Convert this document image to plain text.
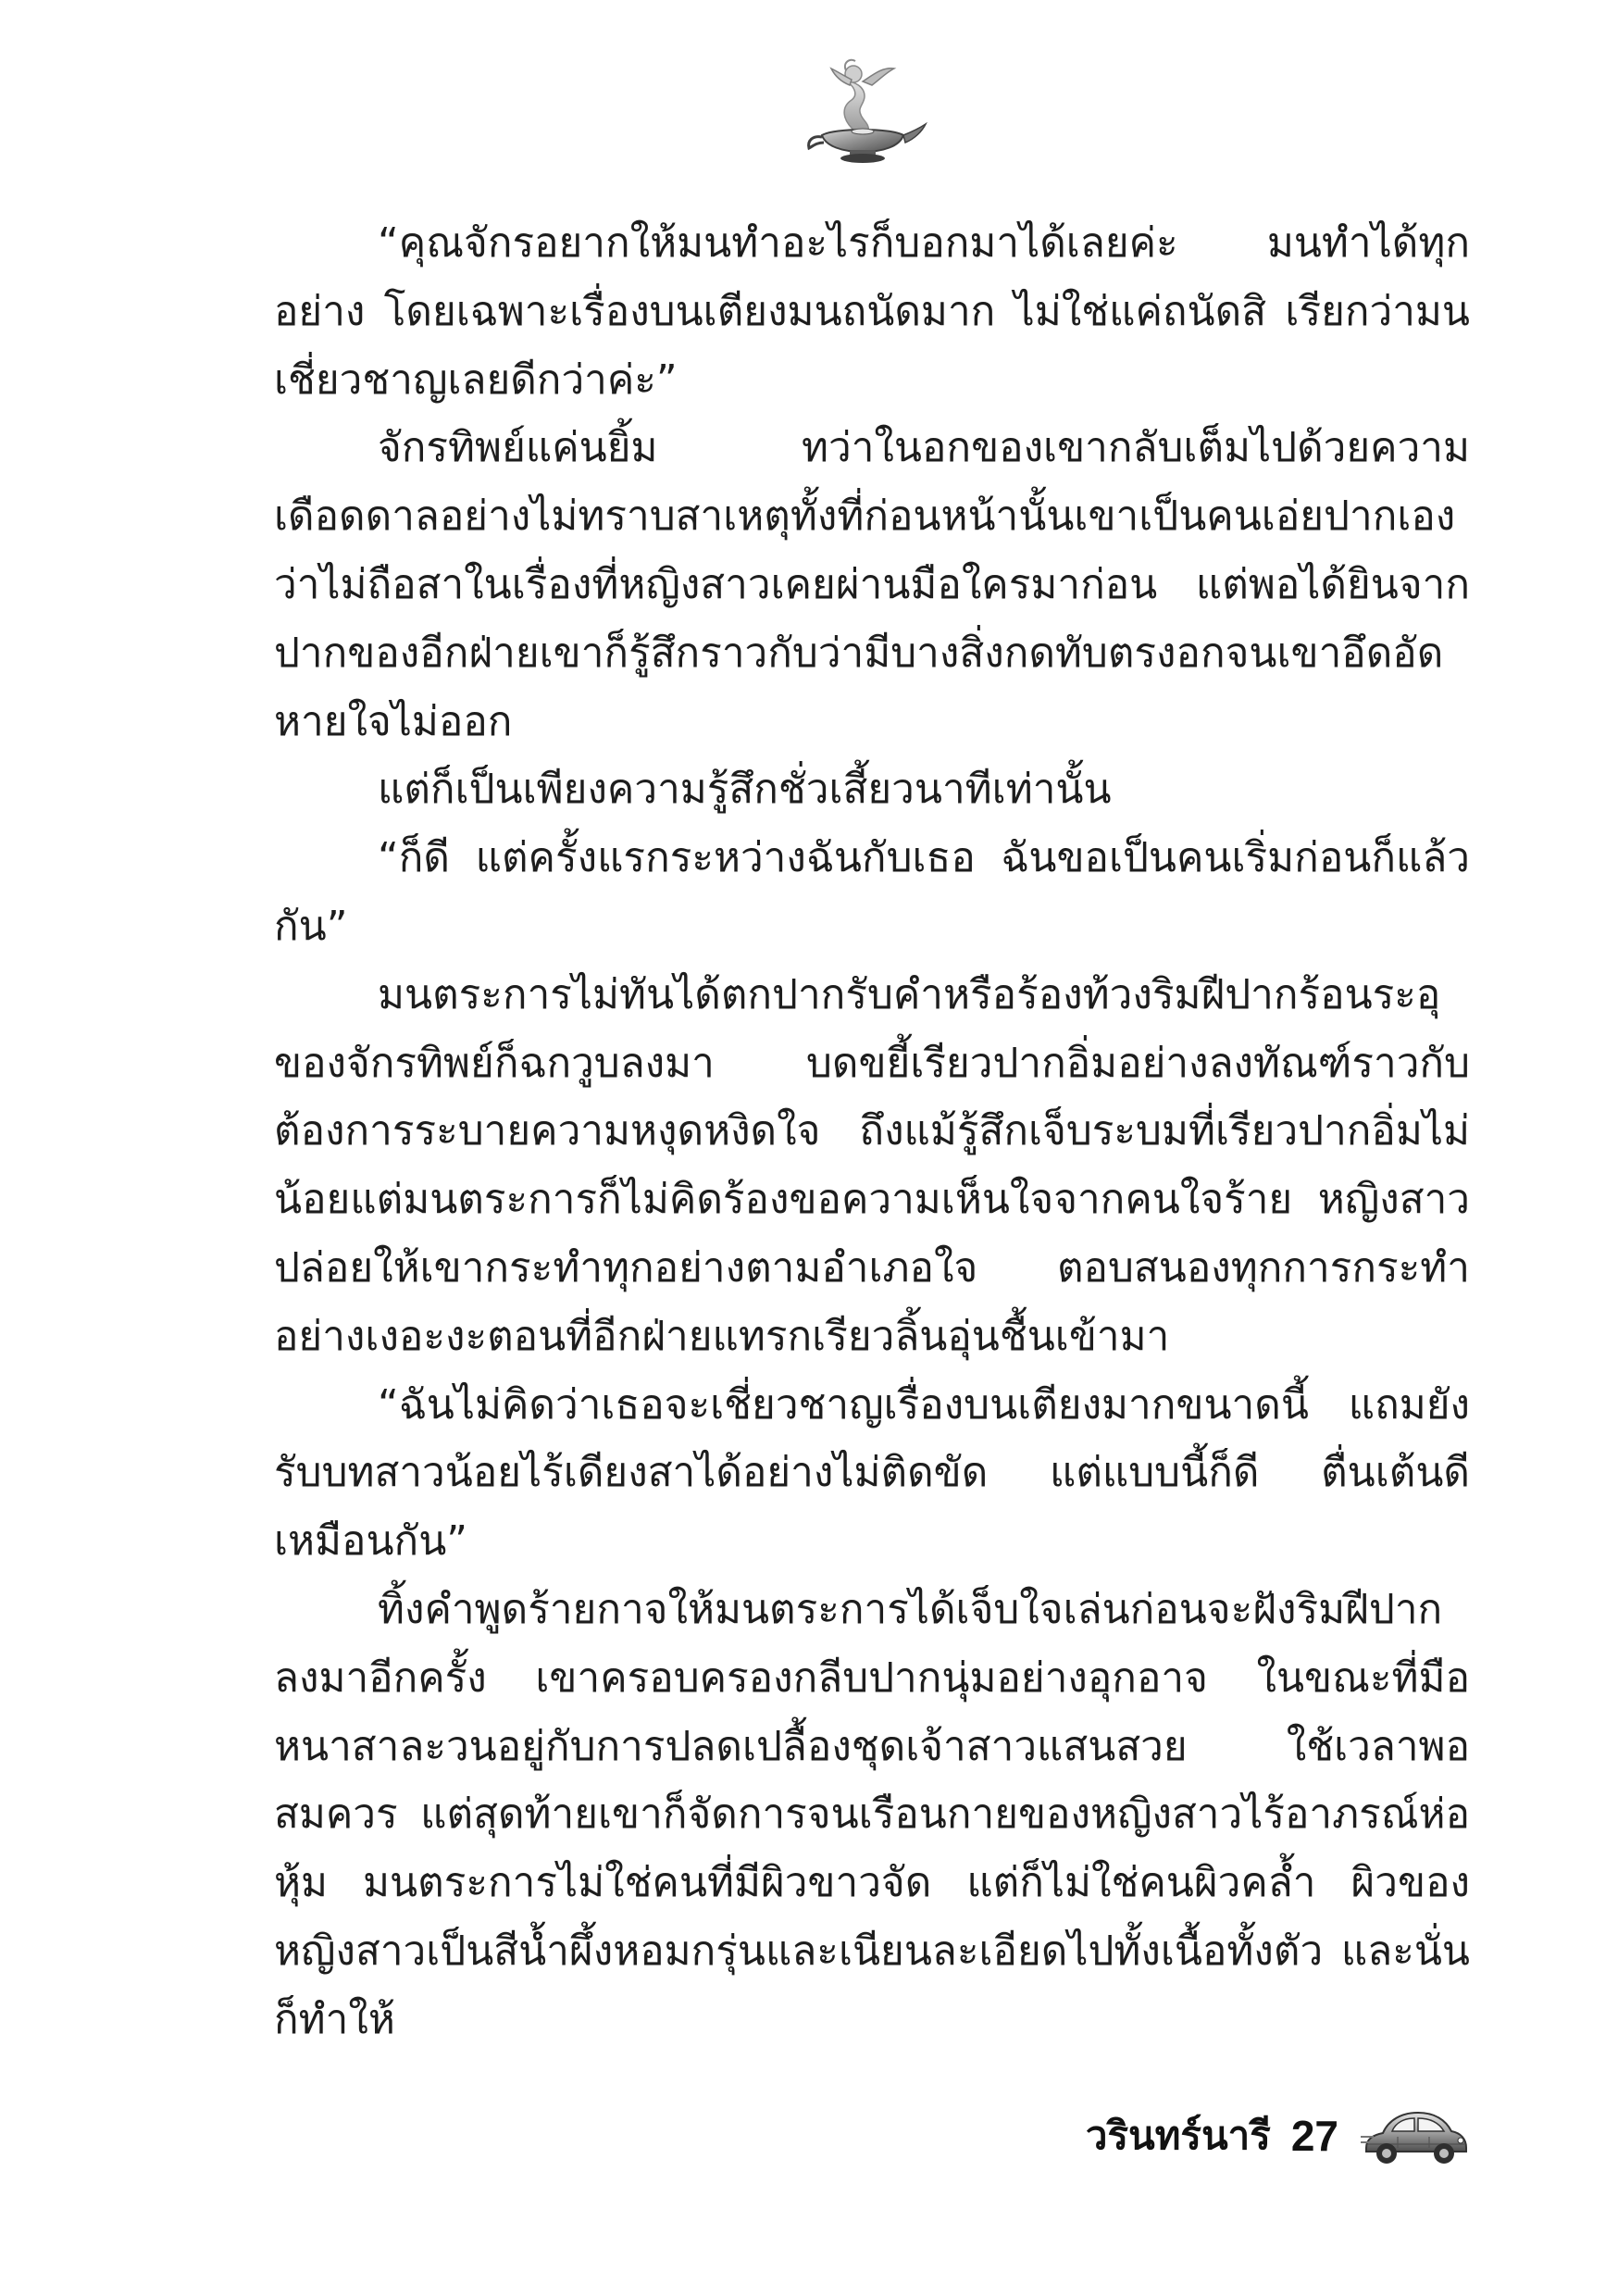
“คุณจักรอยากให้มนทำอะไรก็บอกมาได้เลยค่ะ มนทำได้ทุกอย่าง โดยเฉพาะเรื่องบนเตียงมนถนัดมาก ไม่ใช่แค่ถนัดสิ เรียกว่ามนเชี่ยวชาญเลยดีกว่าค่ะ”

จักรทิพย์แค่นยิ้ม ทว่าในอกของเขากลับเต็มไปด้วยความเดือดดาลอย่างไม่ทราบสาเหตุทั้งที่ก่อนหน้านั้นเขาเป็นคนเอ่ยปากเองว่าไม่ถือสาในเรื่องที่หญิงสาวเคยผ่านมือใครมาก่อน แต่พอได้ยินจากปากของอีกฝ่ายเขาก็รู้สึกราวกับว่ามีบางสิ่งกดทับตรงอกจนเขาอึดอัดหายใจไม่ออก

แต่ก็เป็นเพียงความรู้สึกชั่วเสี้ยวนาทีเท่านั้น

“ก็ดี แต่ครั้งแรกระหว่างฉันกับเธอ ฉันขอเป็นคนเริ่มก่อนก็แล้วกัน”

มนตระการไม่ทันได้ตกปากรับคำหรือร้องท้วงริมฝีปากร้อนระอุของจักรทิพย์ก็ฉกวูบลงมา บดขยี้เรียวปากอิ่มอย่างลงทัณฑ์ราวกับต้องการระบายความหงุดหงิดใจ ถึงแม้รู้สึกเจ็บระบมที่เรียวปากอิ่มไม่น้อยแต่มนตระการก็ไม่คิดร้องขอความเห็นใจจากคนใจร้าย หญิงสาวปล่อยให้เขากระทำทุกอย่างตามอำเภอใจ ตอบสนองทุกการกระทำอย่างเงอะงะตอนที่อีกฝ่ายแทรกเรียวลิ้นอุ่นชื้นเข้ามา

“ฉันไม่คิดว่าเธอจะเชี่ยวชาญเรื่องบนเตียงมากขนาดนี้ แถมยังรับบทสาวน้อยไร้เดียงสาได้อย่างไม่ติดขัด แต่แบบนี้ก็ดี ตื่นเต้นดีเหมือนกัน”

ทิ้งคำพูดร้ายกาจให้มนตระการได้เจ็บใจเล่นก่อนจะฝังริมฝีปากลงมาอีกครั้ง เขาครอบครองกลีบปากนุ่มอย่างอุกอาจ ในขณะที่มือหนาสาละวนอยู่กับการปลดเปลื้องชุดเจ้าสาวแสนสวย ใช้เวลาพอสมควร แต่สุดท้ายเขาก็จัดการจนเรือนกายของหญิงสาวไร้อาภรณ์ห่อหุ้ม มนตระการไม่ใช่คนที่มีผิวขาวจัด แต่ก็ไม่ใช่คนผิวคล้ำ ผิวของหญิงสาวเป็นสีน้ำผึ้งหอมกรุ่นและเนียนละเอียดไปทั้งเนื้อทั้งตัว และนั่นก็ทำให้

วรินทร์นารี 27
